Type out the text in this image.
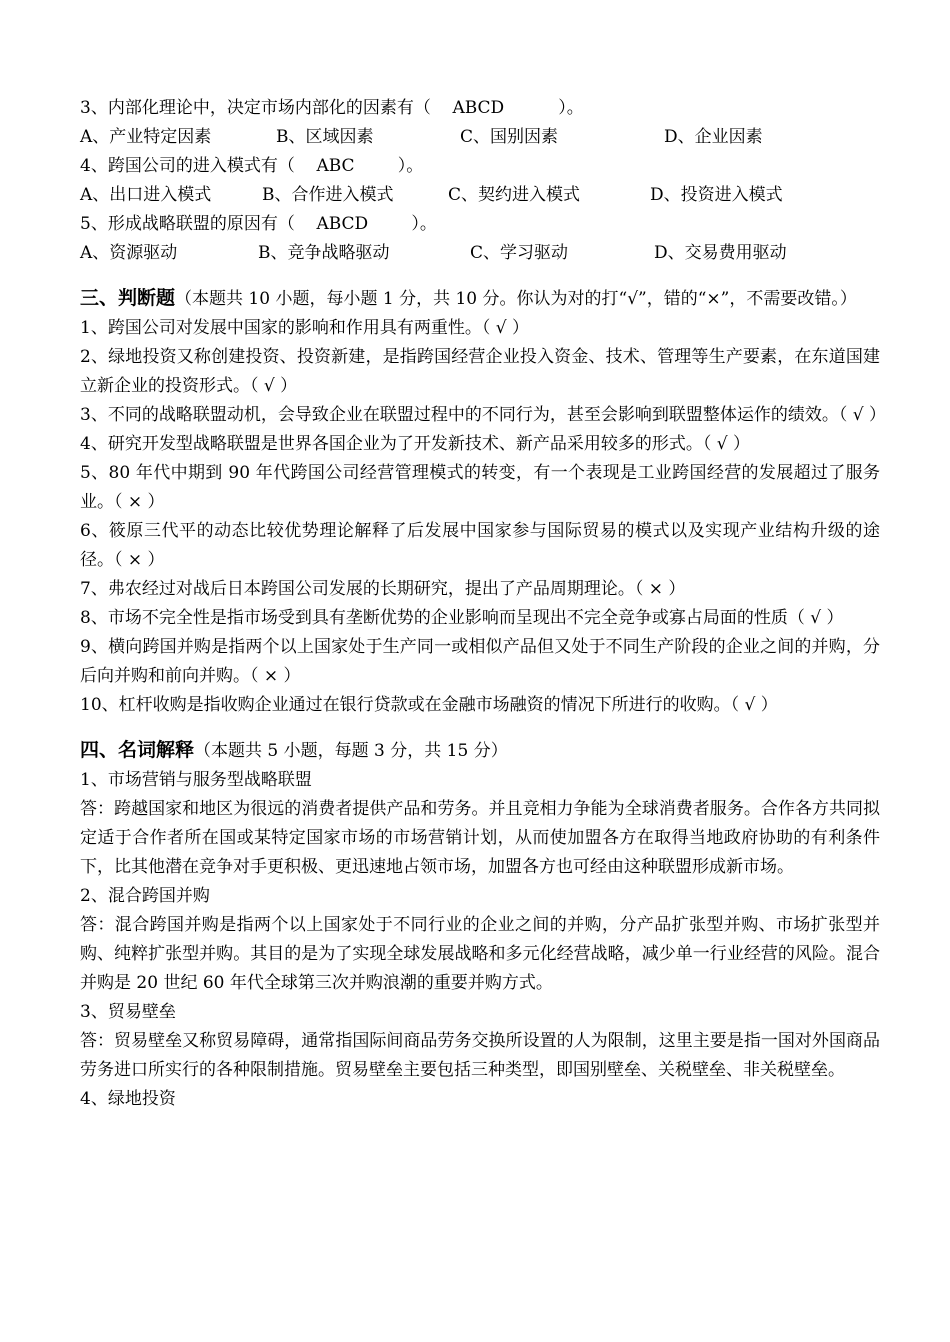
3、内部化理论中，决定市场内部化的因素有（ ABCD	）。
A、产业特定因素	B、区域因素	C、国别因素	D、企业因素
4、跨国公司的进入模式有（ ABC	）。
A、出口进入模式	B、合作进入模式	C、契约进入模式	D、投资进入模式
5、形成战略联盟的原因有（ ABCD	）。
A、资源驱动	B、竞争战略驱动	C、学习驱动	D、交易费用驱动
三、判断题（本题共 10 小题，每小题 1 分，共 10 分。你认为对的打“√”，错的“×”，不需要改错。）
1、跨国公司对发展中国家的影响和作用具有两重性。（ √ ）
2、绿地投资又称创建投资、投资新建，是指跨国经营企业投入资金、技术、管理等生产要素，在东道国建立新企业的投资形式。（ √ ）
3、不同的战略联盟动机，会导致企业在联盟过程中的不同行为，甚至会影响到联盟整体运作的绩效。（ √ ）
4、研究开发型战略联盟是世界各国企业为了开发新技术、新产品采用较多的形式。（ √ ）
5、80 年代中期到 90 年代跨国公司经营管理模式的转变，有一个表现是工业跨国经营的发展超过了服务业。（ × ）
6、筱原三代平的动态比较优势理论解释了后发展中国家参与国际贸易的模式以及实现产业结构升级的途径。（ × ）
7、弗农经过对战后日本跨国公司发展的长期研究，提出了产品周期理论。（ × ）
8、市场不完全性是指市场受到具有垄断优势的企业影响而呈现出不完全竞争或寡占局面的性质（ √ ）
9、横向跨国并购是指两个以上国家处于生产同一或相似产品但又处于不同生产阶段的企业之间的并购，分后向并购和前向并购。（ × ）
10、杠杆收购是指收购企业通过在银行贷款或在金融市场融资的情况下所进行的收购。（ √ ）
四、名词解释（本题共 5 小题，每题 3 分，共 15 分）
1、市场营销与服务型战略联盟
答：跨越国家和地区为很远的消费者提供产品和劳务。并且竞相力争能为全球消费者服务。合作各方共同拟定适于合作者所在国或某特定国家市场的市场营销计划，从而使加盟各方在取得当地政府协助的有利条件下，比其他潜在竞争对手更积极、更迅速地占领市场，加盟各方也可经由这种联盟形成新市场。
2、混合跨国并购
答：混合跨国并购是指两个以上国家处于不同行业的企业之间的并购，分产品扩张型并购、市场扩张型并购、纯粹扩张型并购。其目的是为了实现全球发展战略和多元化经营战略，减少单一行业经营的风险。混合并购是 20 世纪 60 年代全球第三次并购浪潮的重要并购方式。
3、贸易壁垒
答：贸易壁垒又称贸易障碍，通常指国际间商品劳务交换所设置的人为限制，这里主要是指一国对外国商品劳务进口所实行的各种限制措施。贸易壁垒主要包括三种类型，即国别壁垒、关税壁垒、非关税壁垒。
4、绿地投资
